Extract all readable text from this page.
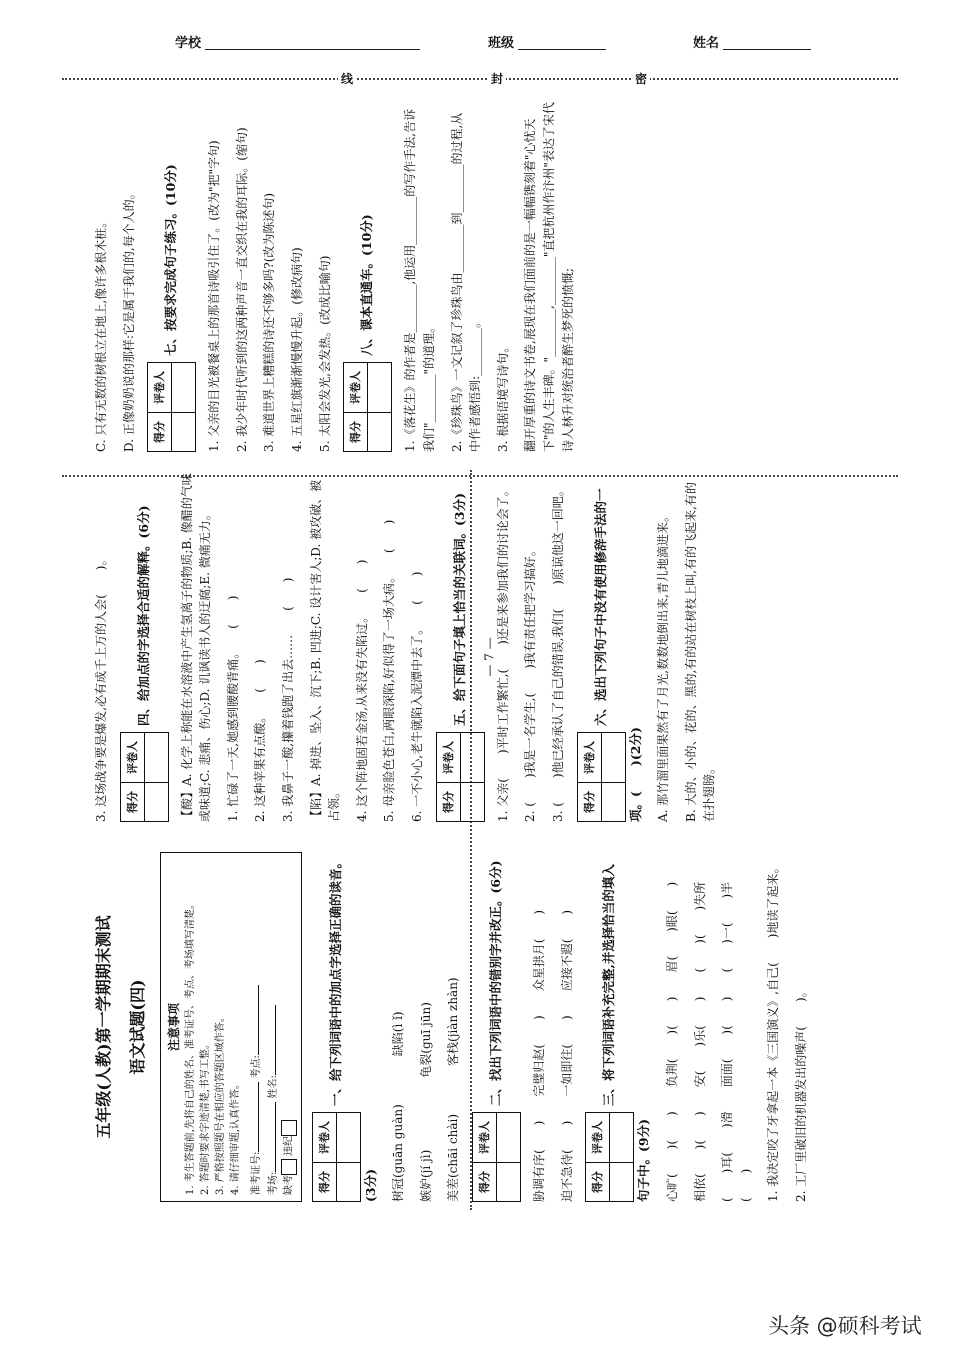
学校	班级	姓名
线	封	密

五年级(人教)第一学期期末测试 语文试题(四)	注意事项 1. 考生答题前,先将自己的姓名、准考证号、考点、考场填写清楚。 2. 答题时要求字迹清楚,书写工整。 3. 严格按照题号在相应的答题区域作答。 4. 请仔细审题,认真作答。	准考证号: 考点:
考场: 姓名:
缺考 违纪

得分	评卷人
	一、给下列词语中的加点字选择正确的读音。(3分) 树冠(guān guàn)　　　　缺陷(ì ǐ) 嫉妒(jí jì)　　　　　　龟裂(guī jūn) 美差(chāi chài)　　　　客栈(jiàn zhàn) 得分	评卷人
	二、找出下列词语中的错别字并改正。(6分) 胁调有序(　　)　　完璧归赵(　　)　　众星拱月(　　) 迫不急待(　　)　　一如即往(　　)　　应接不遐(　　) 得分	评卷人
	三、将下列词语补充完整,并选择恰当的填入句子中。(9分) 心旷(　　)(　　)　　负荆(　　)(　　)　　眉(　　)眼(　　) 相依(　　)(　　)　　安(　　)乐(　　)　　(　　)(　　)失所 (　　)耳(　　)滑　　面面(　　)(　　)　　(　　)一(　　)半(　　) 1. 我决定咬了牙拿起一本《三国演义》,自己(　　)地读了起来。 2. 工厂里破旧的机器发出的噪声(　　)。

3. 这场战争要是爆发,必有成千上万的人会(　　)。 得分	评卷人
	四、给加点的字选择合适的解释。(6分) 【酸】A. 化学上称能在水溶液中产生氢离子的物质;B. 像醋的气味或味道;C. 悲痛、伤心;D. 讥讽读书人的迂腐;E. 微痛无力。 1. 忙碌了一天,她感到腰酸背痛。　　(　　) 2. 这种苹果有点酸。　　(　　) 3. 我鼻子一酸,攥着钱跑了出去……　　(　　) 【陷】A. 掉进、坠入、沉下;B. 凹进;C. 设计害人;D. 被攻破、被占领。 4. 这个阵地固若金汤,从来没有失陷过。　　(　　) 5. 母亲脸色苍白,两眼深陷,好似得了一场大病。　　(　　) 6. 一不小心,老牛就陷入泥潭中去了。　　(　　) 得分	评卷人
	五、给下面句子填上恰当的关联词。(3分) 1. 父亲(　　)平时工作繁忙,(　　)还是来参加我们的讨论会了。 2. (　　)我是一名学生,(　　)我有责任把学习搞好。 3. (　　)他已经承认了自己的错误,我们(　　)原谅他这一回吧。 得分	评卷人
	六、选出下列句子中没有使用修辞手法的一项。(　　)(2分) A. 那竹溜里面果然有了月光,数数地倒出来,青儿地滴进来。 B. 大的、小的、花的、黑的,有的站在树枝上叫,有的飞起来,有的在扑翅膀。

C. 只有无数的树根立在地上,像许多根木桩。 D. 正像奶奶说的那样:它是属于我们的,每个人的。 得分	评卷人
	七、按要求完成句子练习。(10分) 1. 父亲的目光被餐桌上的那首诗吸引住了。(改为"把"字句) 2. 我少年时代听到的这两种声音一直交织在我的耳际。(缩句) 3. 难道世界上糟糕的诗还不够多吗?(改为陈述句) 4. 五星红旗渐渐慢慢升起。(修改病句) 5. 太阳会发光,会发热。(改成比喻句) 得分	评卷人
	八、课本直通车。(10分) 1.《落花生》的作者是________,他运用________的写作手法,告诉我们"________"的道理。 2.《珍珠鸟》一文记叙了珍珠鸟由________到________的过程,从中作者感悟到:________。 3. 根据语境写诗句。 翻开厚重的诗文书卷,展现在我们面前的是一幅幅镌刻着"心忧天下"的人生丰碑。"________,________"直把杭州作汴州"表达了宋代诗人林升对统治者醉生梦死的愤慨;

— 7 —
头条 @硕科考试
